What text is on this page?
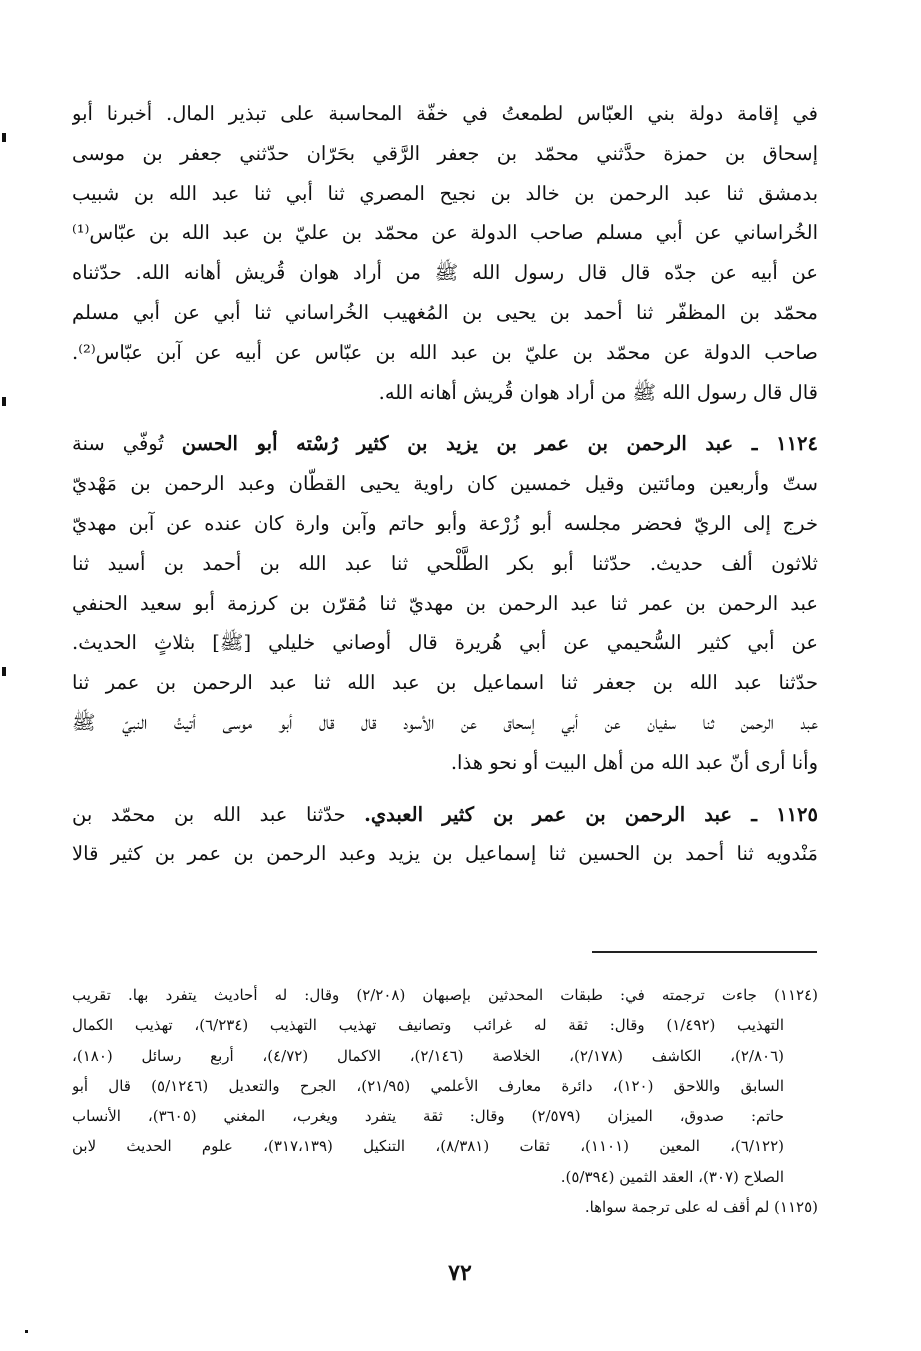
في إقامة دولة بني العبّاس لطمعتُ في خفّة المحاسبة على تبذير المال. أخبرنا أبو
إسحاق بن حمزة حدَّثني محمّد بن جعفر الرَّقي بحَرّان حدّثني جعفر بن موسى
بدمشق ثنا عبد الرحمن بن خالد بن نجيح المصري ثنا أبي ثنا عبد الله بن شبيب
الخُراساني عن أبي مسلم صاحب الدولة عن محمّد بن عليّ بن عبد الله بن عبّاس⁽¹⁾
عن أبيه عن جدّه قال قال رسول الله ﷺ من أراد هوان قُريش أهانه الله. حدّثناه
محمّد بن المظفّر ثنا أحمد بن يحيى بن المُغهيب الخُراساني ثنا أبي عن أبي مسلم
صاحب الدولة عن محمّد بن عليّ بن عبد الله بن عبّاس عن أبيه عن آبن عبّاس⁽²⁾.
قال قال رسول الله ﷺ من أراد هوان قُريش أهانه الله.
١١٢٤ ـ عبد الرحمن بن عمر بن يزيد بن كثير رُسْته أبو الحسن تُوفّي سنة
ستّ وأربعين ومائتين وقيل خمسين كان راوية يحيى القطّان وعبد الرحمن بن مَهْديّ
خرج إلى الريّ فحضر مجلسه أبو زُرْعة وأبو حاتم وآبن وارة كان عنده عن آبن مهديّ
ثلاثون ألف حديث. حدّثنا أبو بكر الطَّلْحي ثنا عبد الله بن أحمد بن أسيد ثنا
عبد الرحمن بن عمر ثنا عبد الرحمن بن مهديّ ثنا مُقرّن بن كرزمة أبو سعيد الحنفي
عن أبي كثير السُّحيمي عن أبي هُريرة قال أوصاني خليلي [ﷺ] بثلاثٍ الحديث.
حدّثنا عبد الله بن جعفر ثنا اسماعيل بن عبد الله ثنا عبد الرحمن بن عمر ثنا
عبد الرحمن ثنا سفيان عن أبي إسحاق عن الأسود قال قال أبو موسى أتيتُ النبيّ ﷺ
وأنا أرى أنّ عبد الله من أهل البيت أو نحو هذا.
١١٢٥ ـ عبد الرحمن بن عمر بن كثير العبدي. حدّثنا عبد الله بن محمّد بن
مَنْدويه ثنا أحمد بن الحسين ثنا إسماعيل بن يزيد وعبد الرحمن بن عمر بن كثير قالا
(١١٢٤) جاءت ترجمته في: طبقات المحدثين بإصبهان (٢/٢٠٨) وقال: له أحاديث يتفرد بها. تقريب
التهذيب (١/٤٩٢) وقال: ثقة له غرائب وتصانيف تهذيب التهذيب (٦/٢٣٤)، تهذيب الكمال
(٢/٨٠٦)، الكاشف (٢/١٧٨)، الخلاصة (٢/١٤٦)، الاكمال (٤/٧٢)، أربع رسائل (١٨٠)،
السابق واللاحق (١٢٠)، دائرة معارف الأعلمي (٢١/٩٥)، الجرح والتعديل (٥/١٢٤٦) قال أبو
حاتم: صدوق، الميزان (٢/٥٧٩) وقال: ثقة يتفرد ويغرب، المغني (٣٦٠٥)، الأنساب
(٦/١٢٢)، المعين (١١٠١)، ثقات (٨/٣٨١)، التنكيل (٣١٧،١٣٩)، علوم الحديث لابن
الصلاح (٣٠٧)، العقد الثمين (٥/٣٩٤).
(١١٢٥) لم أقف له على ترجمة سواها.
٧٢
